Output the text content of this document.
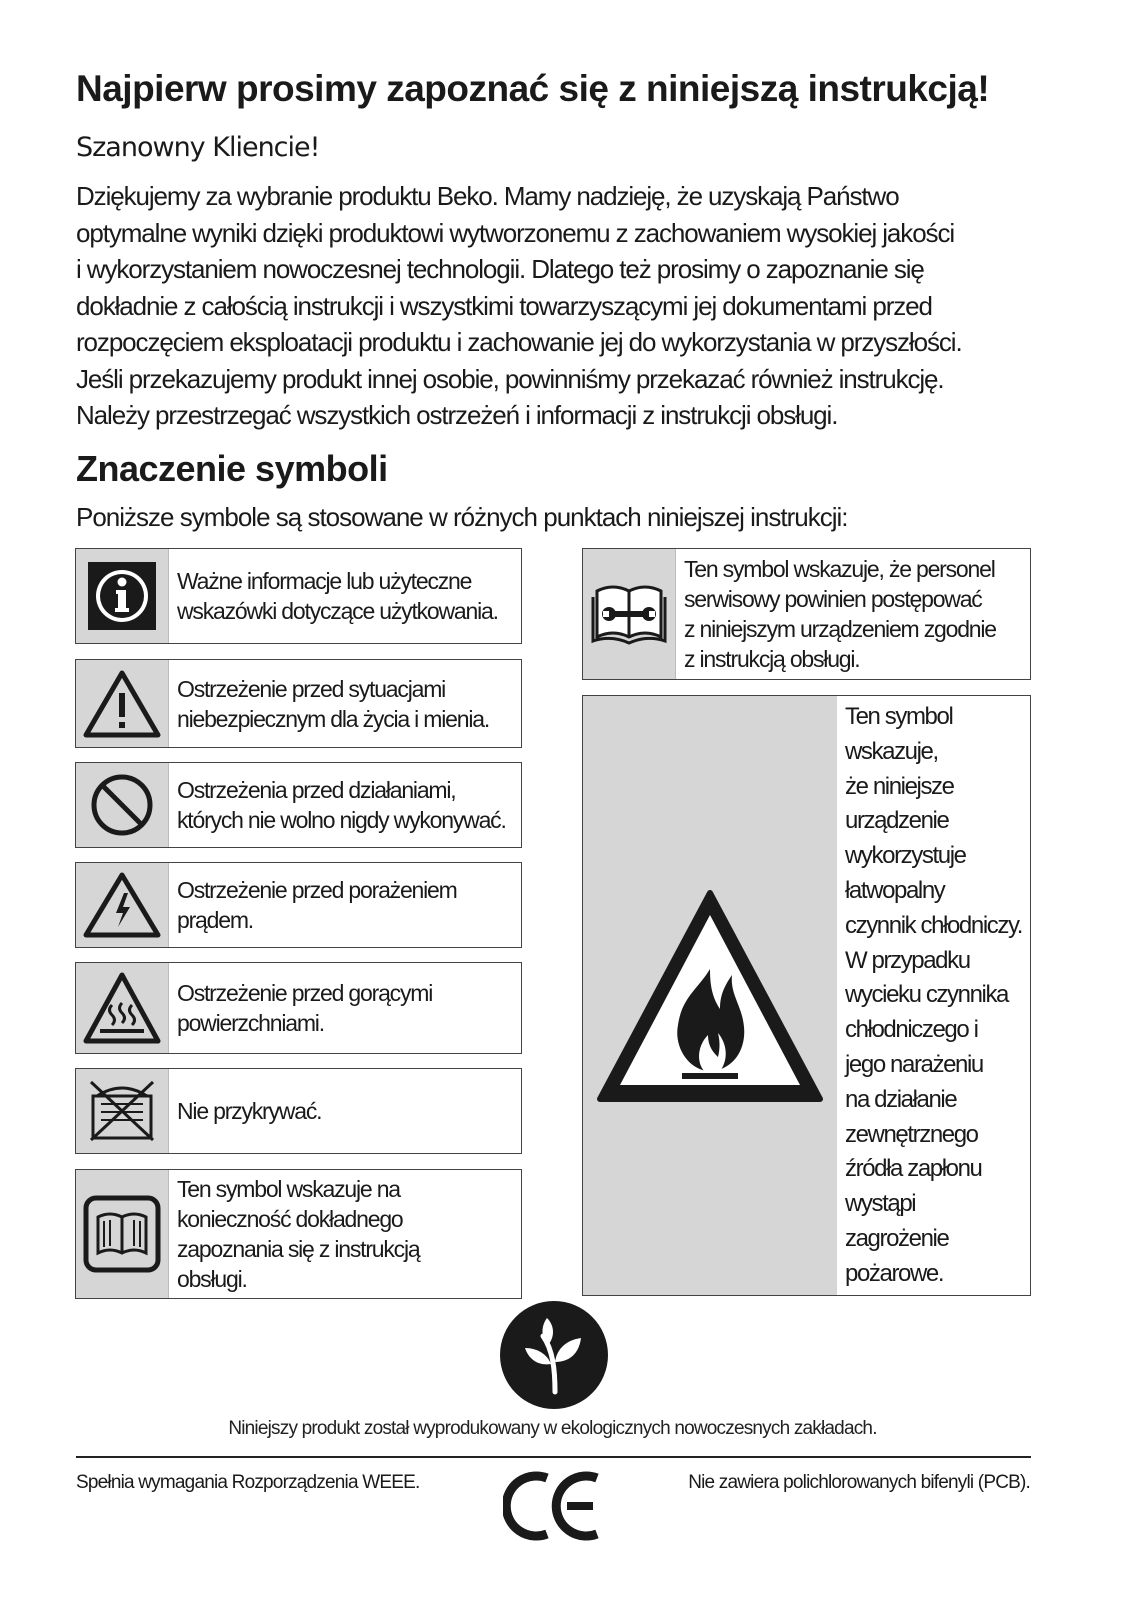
Najpierw prosimy zapoznać się z niniejszą instrukcją!
Szanowny Kliencie!
Dziękujemy za wybranie produktu Beko. Mamy nadzieję, że uzyskają Państwo
optymalne wyniki dzięki produktowi wytworzonemu z zachowaniem wysokiej jakości
i wykorzystaniem nowoczesnej technologii. Dlatego też prosimy o zapoznanie się
dokładnie z całością instrukcji i wszystkimi towarzyszącymi jej dokumentami przed
rozpoczęciem eksploatacji produktu i zachowanie jej do wykorzystania w przyszłości.
Jeśli przekazujemy produkt innej osobie, powinniśmy przekazać również instrukcję.
Należy przestrzegać wszystkich ostrzeżeń i informacji z instrukcji obsługi.
Znaczenie symboli
Poniższe symbole są stosowane w różnych punktach niniejszej instrukcji:
Ważne informacje lub użyteczne
wskazówki dotyczące użytkowania.
Ostrzeżenie przed sytuacjami
niebezpiecznym dla życia i mienia.
Ostrzeżenia przed działaniami,
których nie wolno nigdy wykonywać.
Ostrzeżenie przed porażeniem
prądem.
Ostrzeżenie przed gorącymi
powierzchniami.
Nie przykrywać.
Ten symbol wskazuje na
konieczność dokładnego
zapoznania się z instrukcją
obsługi.
Ten symbol wskazuje, że personel
serwisowy powinien postępować
z niniejszym urządzeniem zgodnie
z instrukcją obsługi.
Ten symbol
wskazuje,
że niniejsze
urządzenie
wykorzystuje
łatwopalny
czynnik chłodniczy.
W przypadku
wycieku czynnika
chłodniczego i
jego narażeniu
na działanie
zewnętrznego
źródła zapłonu
wystąpi
zagrożenie
pożarowe.
Niniejszy produkt został wyprodukowany w ekologicznych nowoczesnych zakładach.
Spełnia wymagania Rozporządzenia WEEE.	Nie zawiera polichlorowanych bifenyli (PCB).
